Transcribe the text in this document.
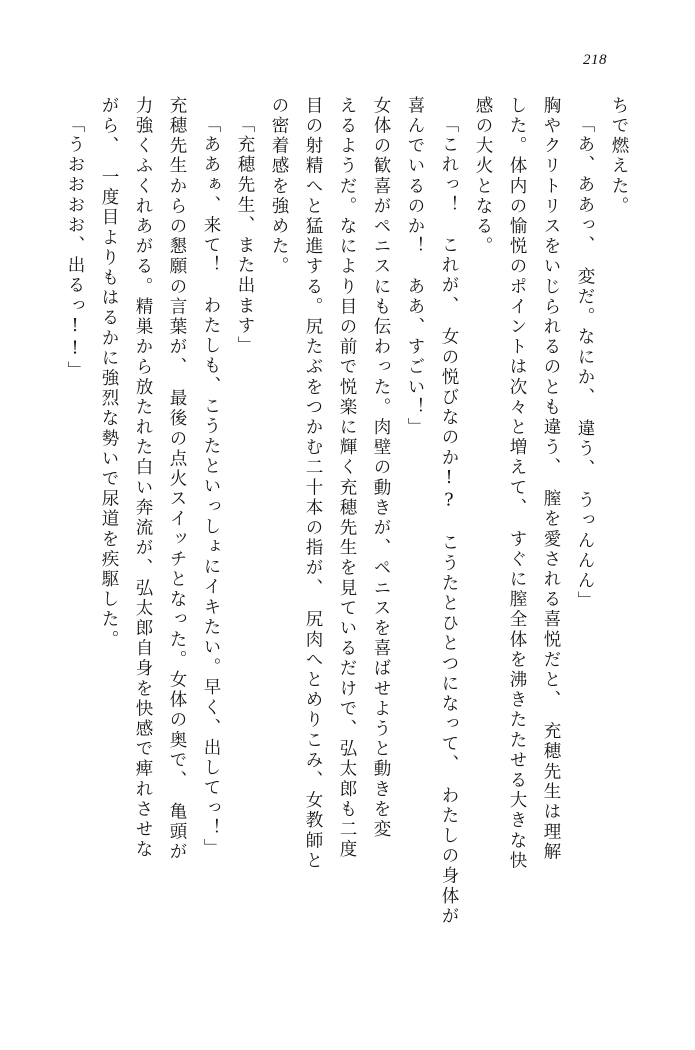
218
ちで燃えた。
「あ、ああっ、　変だ。なにか、　違う、　うっんんん」
胸やクリトリスをいじられるのとも違う、　膣を愛される喜悦だと、　充穂先生は理解
した。体内の愉悦のポイントは次々と増えて、　すぐに膣全体を沸きたたせる大きな快
感の大火となる。
「これっ！　これが、　女の悦びなのか!?　こうたとひとつになって、　わたしの身体が
喜んでいるのか！　ああ、すごい！」
女体の歓喜がペニスにも伝わった。肉壁の動きが、ペニスを喜ばせようと動きを変
えるようだ。なにより目の前で悦楽に輝く充穂先生を見ているだけで、弘太郎も二度
目の射精へと猛進する。尻たぶをつかむ二十本の指が、　尻肉へとめりこみ、女教師と
の密着感を強めた。
「充穂先生、また出ます」
「ああぁ、来て！　わたしも、こうたといっしょにイキたい。早く、出してっ！」
充穂先生からの懇願の言葉が、　最後の点火スイッチとなった。女体の奥で、　亀頭が
力強くふくれあがる。精巣から放たれた白い奔流が、弘太郎自身を快感で痺れさせな
がら、　一度目よりもはるかに強烈な勢いで尿道を疾駆した。
「うおおおお、出るっ!!」
